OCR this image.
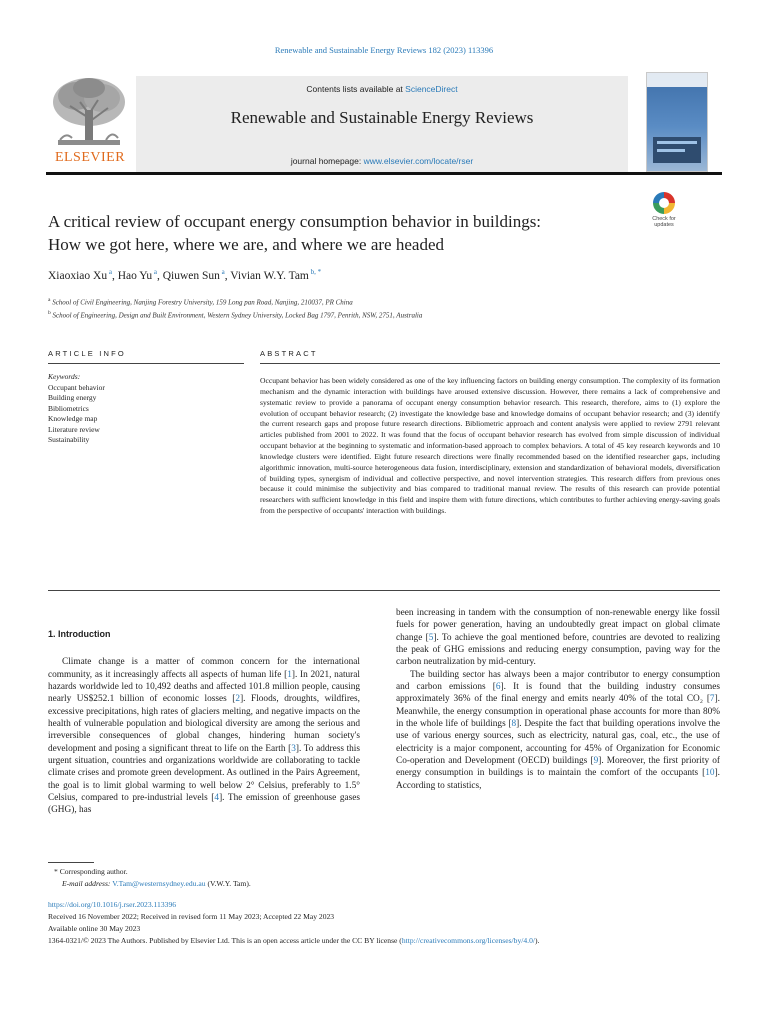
Renewable and Sustainable Energy Reviews 182 (2023) 113396
ELSEVIER
Contents lists available at ScienceDirect
Renewable and Sustainable Energy Reviews
journal homepage: www.elsevier.com/locate/rser
A critical review of occupant energy consumption behavior in buildings:
How we got here, where we are, and where we are headed
Check for
updates
Xiaoxiao Xu $^a$, Hao Yu $^a$, Qiuwen Sun $^a$, Vivian W.Y. Tam $^{b, *}$
$^a$ School of Civil Engineering, Nanjing Forestry University, 159 Long pan Road, Nanjing, 210037, PR China
$^b$ School of Engineering, Design and Built Environment, Western Sydney University, Locked Bag 1797, Penrith, NSW, 2751, Australia
ARTICLE INFO	ABSTRACT
Keywords:
Occupant behavior
Building energy
Bibliometrics
Knowledge map
Literature review
Sustainability
Occupant behavior has been widely considered as one of the key influencing factors on building energy consumption. The complexity of its formation mechanism and the dynamic interaction with buildings have aroused extensive discussion. However, there remains a lack of comprehensive and systematic review to provide a panorama of occupant energy consumption behavior research. This research, therefore, aims to (1) explore the evolution of occupant behavior research; (2) investigate the knowledge base and knowledge domains of occupant behavior research; and (3) identify the current research gaps and propose future research directions. Bibliometric approach and content analysis were applied to review 2791 relevant articles published from 2001 to 2022. It was found that the focus of occupant behavior research has evolved from simple discussion of individual occupant behavior at the beginning to systematic and information-based approach to complex behaviors. A total of 45 key research keywords and 10 knowledge clusters were identified. Eight future research directions were finally recommended based on the identified researcher gaps, including algorithmic innovation, multi-source heterogeneous data fusion, interdisciplinary, extension and standardization of behavioral models, diversification of building types, synergism of individual and collective perspective, and novel intervention strategies. This research differs from previous ones because it could minimise the subjectivity and bias compared to traditional manual review. The results of this research can provide potential researchers with sufficient knowledge in this field and inspire them with future directions, which contributes to further achieving energy-saving goals from the perspective of occupants' interaction with buildings.
1. Introduction

Climate change is a matter of common concern for the international community, as it increasingly affects all aspects of human life [1]. In 2021, natural hazards worldwide led to 10,492 deaths and affected 101.8 million people, causing nearly US$252.1 billion of economic losses [2]. Floods, droughts, wildfires, excessive precipitations, high rates of glaciers melting, and negative impacts on the health of vulnerable population and biological diversity are among the serious and irreversible consequences of global changes, hindering human society's development and posing a significant threat to life on the Earth [3]. To address this urgent situation, countries and organizations worldwide are collaborating to tackle climate crises and promote green development. As outlined in the Pairs Agreement, the goal is to limit global warming to well below 2° Celsius, preferably to 1.5° Celsius, compared to pre-industrial levels [4]. The emission of greenhouse gases (GHG), has

been increasing in tandem with the consumption of non-renewable energy like fossil fuels for power generation, having an undoubtedly great impact on global climate change [5]. To achieve the goal mentioned before, countries are devoted to realizing the peak of GHG emissions and reducing energy consumption, paving way for the carbon neutralization by mid-century.

The building sector has always been a major contributor to energy consumption and carbon emissions [6]. It is found that the building industry consumes approximately 36% of the final energy and emits nearly 40% of the total CO₂ [7]. Meanwhile, the energy consumption in operational phase accounts for more than 80% in the whole life of buildings [8]. Despite the fact that building operations involve the use of various energy sources, such as electricity, natural gas, coal, etc., the use of electricity is a major component, accounting for 45% of Organization for Economic Co-operation and Development (OECD) buildings [9]. Moreover, the first priority of energy consumption in buildings is to maintain the comfort of the occupants [10]. According to statistics,

* Corresponding author.
E-mail address: V.Tam@westernsydney.edu.au (V.W.Y. Tam).
https://doi.org/10.1016/j.rser.2023.113396
Received 16 November 2022; Received in revised form 11 May 2023; Accepted 22 May 2023
Available online 30 May 2023
1364-0321/© 2023 The Authors. Published by Elsevier Ltd. This is an open access article under the CC BY license (http://creativecommons.org/licenses/by/4.0/).
